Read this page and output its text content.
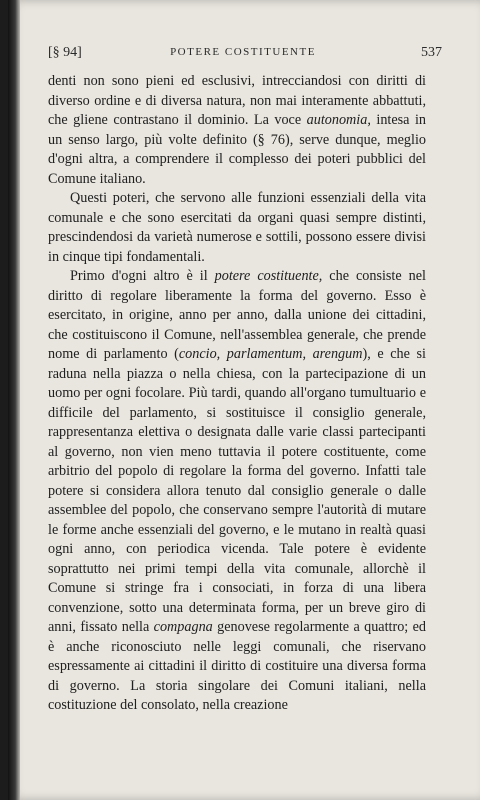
[§ 94]	POTERE COSTITUENTE	537

denti non sono pieni ed esclusivi, intrecciandosi con diritti di diverso ordine e di diversa natura, non mai interamente abbattuti, che gliene contrastano il dominio. La voce autonomia, intesa in un senso largo, più volte definito (§ 76), serve dunque, meglio d'ogni altra, a comprendere il complesso dei poteri pubblici del Comune italiano.

Questi poteri, che servono alle funzioni essenziali della vita comunale e che sono esercitati da organi quasi sempre distinti, prescindendosi da varietà numerose e sottili, possono essere divisi in cinque tipi fondamentali.

Primo d'ogni altro è il potere costituente, che consiste nel diritto di regolare liberamente la forma del governo. Esso è esercitato, in origine, anno per anno, dalla unione dei cittadini, che costituiscono il Comune, nell'assemblea generale, che prende nome di parlamento (concio, parlamentum, arengum), e che si raduna nella piazza o nella chiesa, con la partecipazione di un uomo per ogni focolare. Più tardi, quando all'organo tumultuario e difficile del parlamento, si sostituisce il consiglio generale, rappresentanza elettiva o designata dalle varie classi partecipanti al governo, non vien meno tuttavia il potere costituente, come arbitrio del popolo di regolare la forma del governo. Infatti tale potere si considera allora tenuto dal consiglio generale o dalle assemblee del popolo, che conservano sempre l'autorità di mutare le forme anche essenziali del governo, e le mutano in realtà quasi ogni anno, con periodica vicenda. Tale potere è evidente soprattutto nei primi tempi della vita comunale, allorchè il Comune si stringe fra i consociati, in forza di una libera convenzione, sotto una determinata forma, per un breve giro di anni, fissato nella compagna genovese regolarmente a quattro; ed è anche riconosciuto nelle leggi comunali, che riservano espressamente ai cittadini il diritto di costituire una diversa forma di governo. La storia singolare dei Comuni italiani, nella costituzione del consolato, nella creazione
